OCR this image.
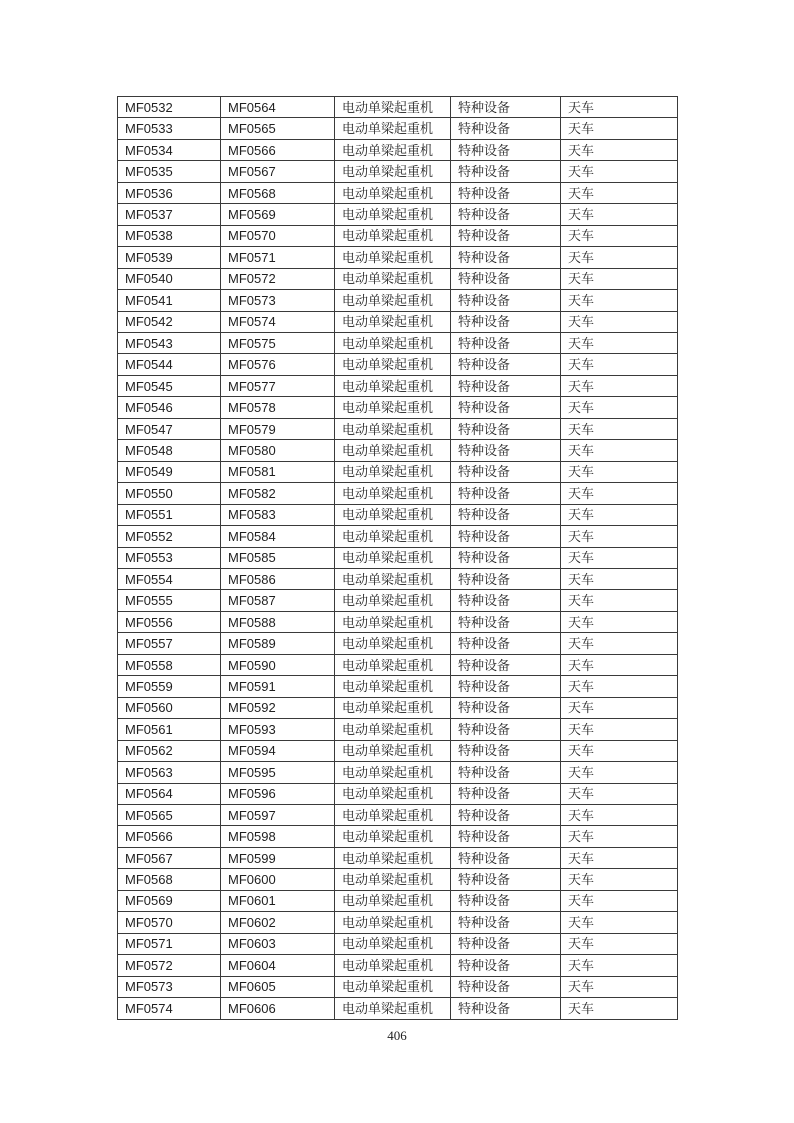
MF0532	MF0564	电动单梁起重机	特种设备	天车
MF0533	MF0565	电动单梁起重机	特种设备	天车
MF0534	MF0566	电动单梁起重机	特种设备	天车
MF0535	MF0567	电动单梁起重机	特种设备	天车
MF0536	MF0568	电动单梁起重机	特种设备	天车
MF0537	MF0569	电动单梁起重机	特种设备	天车
MF0538	MF0570	电动单梁起重机	特种设备	天车
MF0539	MF0571	电动单梁起重机	特种设备	天车
MF0540	MF0572	电动单梁起重机	特种设备	天车
MF0541	MF0573	电动单梁起重机	特种设备	天车
MF0542	MF0574	电动单梁起重机	特种设备	天车
MF0543	MF0575	电动单梁起重机	特种设备	天车
MF0544	MF0576	电动单梁起重机	特种设备	天车
MF0545	MF0577	电动单梁起重机	特种设备	天车
MF0546	MF0578	电动单梁起重机	特种设备	天车
MF0547	MF0579	电动单梁起重机	特种设备	天车
MF0548	MF0580	电动单梁起重机	特种设备	天车
MF0549	MF0581	电动单梁起重机	特种设备	天车
MF0550	MF0582	电动单梁起重机	特种设备	天车
MF0551	MF0583	电动单梁起重机	特种设备	天车
MF0552	MF0584	电动单梁起重机	特种设备	天车
MF0553	MF0585	电动单梁起重机	特种设备	天车
MF0554	MF0586	电动单梁起重机	特种设备	天车
MF0555	MF0587	电动单梁起重机	特种设备	天车
MF0556	MF0588	电动单梁起重机	特种设备	天车
MF0557	MF0589	电动单梁起重机	特种设备	天车
MF0558	MF0590	电动单梁起重机	特种设备	天车
MF0559	MF0591	电动单梁起重机	特种设备	天车
MF0560	MF0592	电动单梁起重机	特种设备	天车
MF0561	MF0593	电动单梁起重机	特种设备	天车
MF0562	MF0594	电动单梁起重机	特种设备	天车
MF0563	MF0595	电动单梁起重机	特种设备	天车
MF0564	MF0596	电动单梁起重机	特种设备	天车
MF0565	MF0597	电动单梁起重机	特种设备	天车
MF0566	MF0598	电动单梁起重机	特种设备	天车
MF0567	MF0599	电动单梁起重机	特种设备	天车
MF0568	MF0600	电动单梁起重机	特种设备	天车
MF0569	MF0601	电动单梁起重机	特种设备	天车
MF0570	MF0602	电动单梁起重机	特种设备	天车
MF0571	MF0603	电动单梁起重机	特种设备	天车
MF0572	MF0604	电动单梁起重机	特种设备	天车
MF0573	MF0605	电动单梁起重机	特种设备	天车
MF0574	MF0606	电动单梁起重机	特种设备	天车
406
